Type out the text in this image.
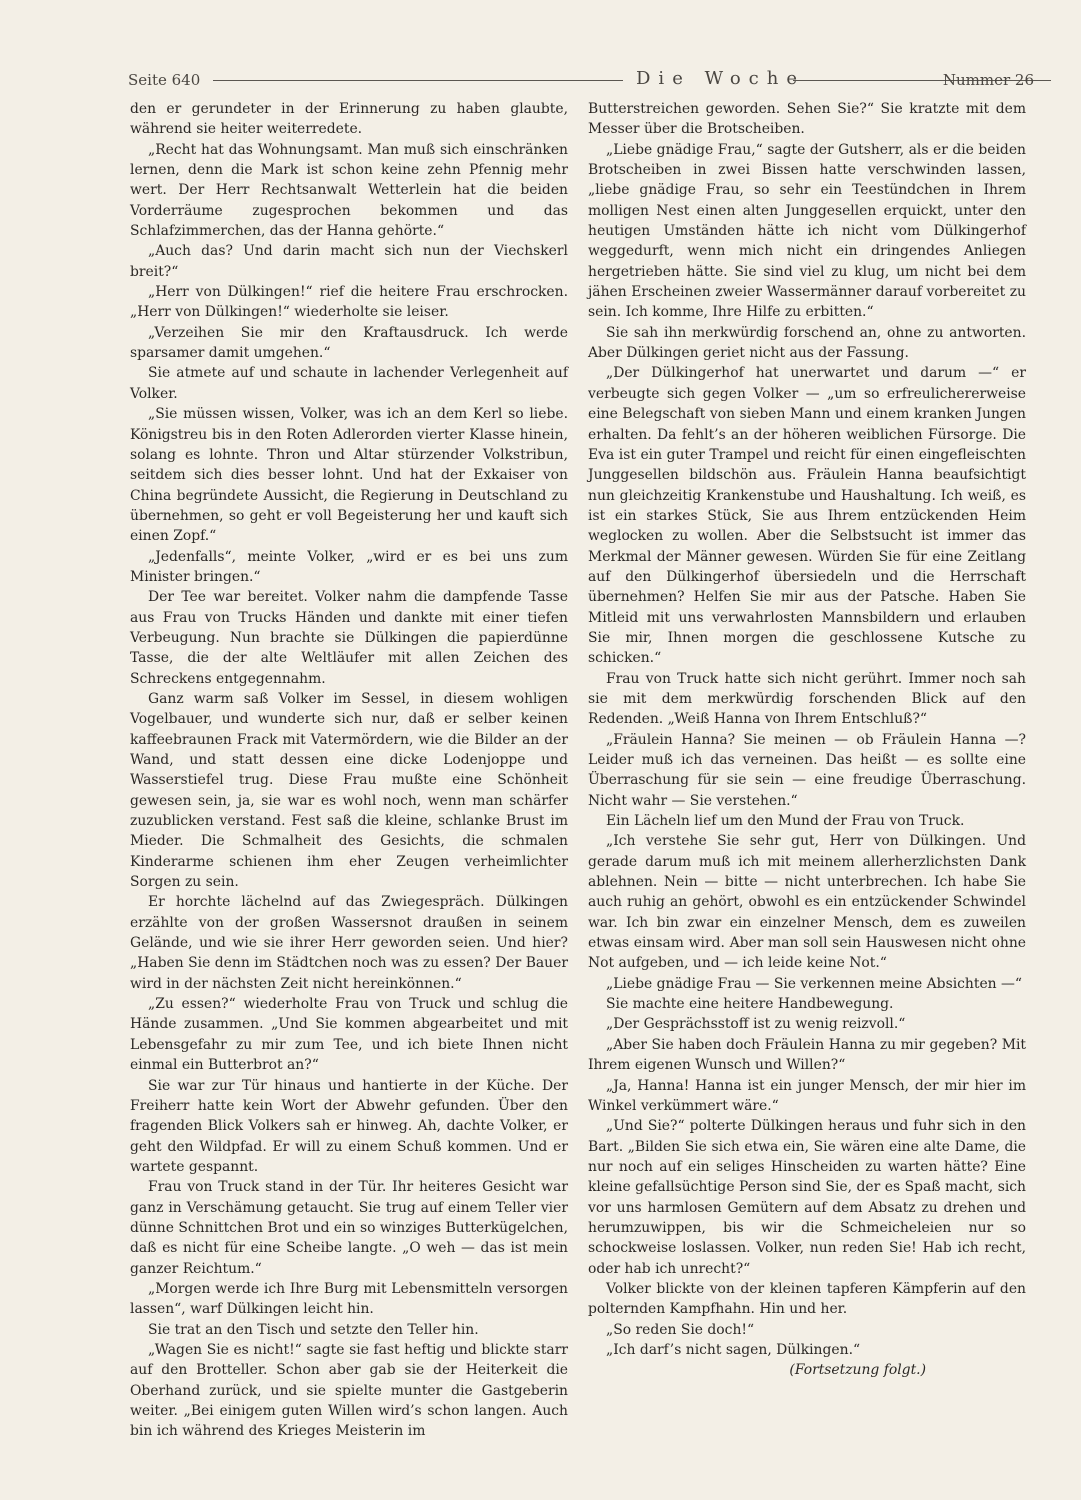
Seite 640	Die Woche	Nummer 26

den er gerundeter in der Erinnerung zu haben glaubte, während sie heiter weiterredete.

„Recht hat das Wohnungsamt. Man muß sich einschränken lernen, denn die Mark ist schon keine zehn Pfennig mehr wert. Der Herr Rechtsanwalt Wetterlein hat die beiden Vorderräume zugesprochen bekommen und das Schlafzimmerchen, das der Hanna gehörte.“

„Auch das? Und darin macht sich nun der Viechskerl breit?“

„Herr von Dülkingen!“ rief die heitere Frau erschrocken. „Herr von Dülkingen!“ wiederholte sie leiser.

„Verzeihen Sie mir den Kraftausdruck. Ich werde sparsamer damit umgehen.“

Sie atmete auf und schaute in lachender Verlegenheit auf Volker.

„Sie müssen wissen, Volker, was ich an dem Kerl so liebe. Königstreu bis in den Roten Adlerorden vierter Klasse hinein, solang es lohnte. Thron und Altar stürzender Volkstribun, seitdem sich dies besser lohnt. Und hat der Exkaiser von China begründete Aussicht, die Regierung in Deutschland zu übernehmen, so geht er voll Begeisterung her und kauft sich einen Zopf.“

„Jedenfalls“, meinte Volker, „wird er es bei uns zum Minister bringen.“

Der Tee war bereitet. Volker nahm die dampfende Tasse aus Frau von Trucks Händen und dankte mit einer tiefen Verbeugung. Nun brachte sie Dülkingen die papierdünne Tasse, die der alte Weltläufer mit allen Zeichen des Schreckens entgegennahm.

Ganz warm saß Volker im Sessel, in diesem wohligen Vogelbauer, und wunderte sich nur, daß er selber keinen kaffeebraunen Frack mit Vatermördern, wie die Bilder an der Wand, und statt dessen eine dicke Lodenjoppe und Wasserstiefel trug. Diese Frau mußte eine Schönheit gewesen sein, ja, sie war es wohl noch, wenn man schärfer zuzublicken verstand. Fest saß die kleine, schlanke Brust im Mieder. Die Schmalheit des Gesichts, die schmalen Kinderarme schienen ihm eher Zeugen verheimlichter Sorgen zu sein.

Er horchte lächelnd auf das Zwiegespräch. Dülkingen erzählte von der großen Wassersnot draußen in seinem Gelände, und wie sie ihrer Herr geworden seien. Und hier? „Haben Sie denn im Städtchen noch was zu essen? Der Bauer wird in der nächsten Zeit nicht hereinkönnen.“

„Zu essen?“ wiederholte Frau von Truck und schlug die Hände zusammen. „Und Sie kommen abgearbeitet und mit Lebensgefahr zu mir zum Tee, und ich biete Ihnen nicht einmal ein Butterbrot an?“

Sie war zur Tür hinaus und hantierte in der Küche. Der Freiherr hatte kein Wort der Abwehr gefunden. Über den fragenden Blick Volkers sah er hinweg. Ah, dachte Volker, er geht den Wildpfad. Er will zu einem Schuß kommen. Und er wartete gespannt.

Frau von Truck stand in der Tür. Ihr heiteres Gesicht war ganz in Verschämung getaucht. Sie trug auf einem Teller vier dünne Schnittchen Brot und ein so winziges Butterkügelchen, daß es nicht für eine Scheibe langte. „O weh — das ist mein ganzer Reichtum.“

„Morgen werde ich Ihre Burg mit Lebensmitteln versorgen lassen“, warf Dülkingen leicht hin.

Sie trat an den Tisch und setzte den Teller hin.

„Wagen Sie es nicht!“ sagte sie fast heftig und blickte starr auf den Brotteller. Schon aber gab sie der Heiterkeit die Oberhand zurück, und sie spielte munter die Gastgeberin weiter. „Bei einigem guten Willen wird’s schon langen. Auch bin ich während des Krieges Meisterin im

Butterstreichen geworden. Sehen Sie?“ Sie kratzte mit dem Messer über die Brotscheiben.

„Liebe gnädige Frau,“ sagte der Gutsherr, als er die beiden Brotscheiben in zwei Bissen hatte verschwinden lassen, „liebe gnädige Frau, so sehr ein Teestündchen in Ihrem molligen Nest einen alten Junggesellen erquickt, unter den heutigen Umständen hätte ich nicht vom Dülkingerhof weggedurft, wenn mich nicht ein dringendes Anliegen hergetrieben hätte. Sie sind viel zu klug, um nicht bei dem jähen Erscheinen zweier Wassermänner darauf vorbereitet zu sein. Ich komme, Ihre Hilfe zu erbitten.“

Sie sah ihn merkwürdig forschend an, ohne zu antworten. Aber Dülkingen geriet nicht aus der Fassung.

„Der Dülkingerhof hat unerwartet und darum —“ er verbeugte sich gegen Volker — „um so erfreulichererweise eine Belegschaft von sieben Mann und einem kranken Jungen erhalten. Da fehlt’s an der höheren weiblichen Fürsorge. Die Eva ist ein guter Trampel und reicht für einen eingefleischten Junggesellen bildschön aus. Fräulein Hanna beaufsichtigt nun gleichzeitig Krankenstube und Haushaltung. Ich weiß, es ist ein starkes Stück, Sie aus Ihrem entzückenden Heim weglocken zu wollen. Aber die Selbstsucht ist immer das Merkmal der Männer gewesen. Würden Sie für eine Zeitlang auf den Dülkingerhof übersiedeln und die Herrschaft übernehmen? Helfen Sie mir aus der Patsche. Haben Sie Mitleid mit uns verwahrlosten Mannsbildern und erlauben Sie mir, Ihnen morgen die geschlossene Kutsche zu schicken.“

Frau von Truck hatte sich nicht gerührt. Immer noch sah sie mit dem merkwürdig forschenden Blick auf den Redenden. „Weiß Hanna von Ihrem Entschluß?“

„Fräulein Hanna? Sie meinen — ob Fräulein Hanna —? Leider muß ich das verneinen. Das heißt — es sollte eine Überraschung für sie sein — eine freudige Überraschung. Nicht wahr — Sie verstehen.“

Ein Lächeln lief um den Mund der Frau von Truck.

„Ich verstehe Sie sehr gut, Herr von Dülkingen. Und gerade darum muß ich mit meinem allerherzlichsten Dank ablehnen. Nein — bitte — nicht unterbrechen. Ich habe Sie auch ruhig an gehört, obwohl es ein entzückender Schwindel war. Ich bin zwar ein einzelner Mensch, dem es zuweilen etwas einsam wird. Aber man soll sein Hauswesen nicht ohne Not aufgeben, und — ich leide keine Not.“

„Liebe gnädige Frau — Sie verkennen meine Absichten —“

Sie machte eine heitere Handbewegung.

„Der Gesprächsstoff ist zu wenig reizvoll.“

„Aber Sie haben doch Fräulein Hanna zu mir gegeben? Mit Ihrem eigenen Wunsch und Willen?“

„Ja, Hanna! Hanna ist ein junger Mensch, der mir hier im Winkel verkümmert wäre.“

„Und Sie?“ polterte Dülkingen heraus und fuhr sich in den Bart. „Bilden Sie sich etwa ein, Sie wären eine alte Dame, die nur noch auf ein seliges Hinscheiden zu warten hätte? Eine kleine gefallsüchtige Person sind Sie, der es Spaß macht, sich vor uns harmlosen Gemütern auf dem Absatz zu drehen und herumzuwippen, bis wir die Schmeicheleien nur so schockweise loslassen. Volker, nun reden Sie! Hab ich recht, oder hab ich unrecht?“

Volker blickte von der kleinen tapferen Kämpferin auf den polternden Kampfhahn. Hin und her.

„So reden Sie doch!“

„Ich darf’s nicht sagen, Dülkingen.“

(Fortsetzung folgt.)
